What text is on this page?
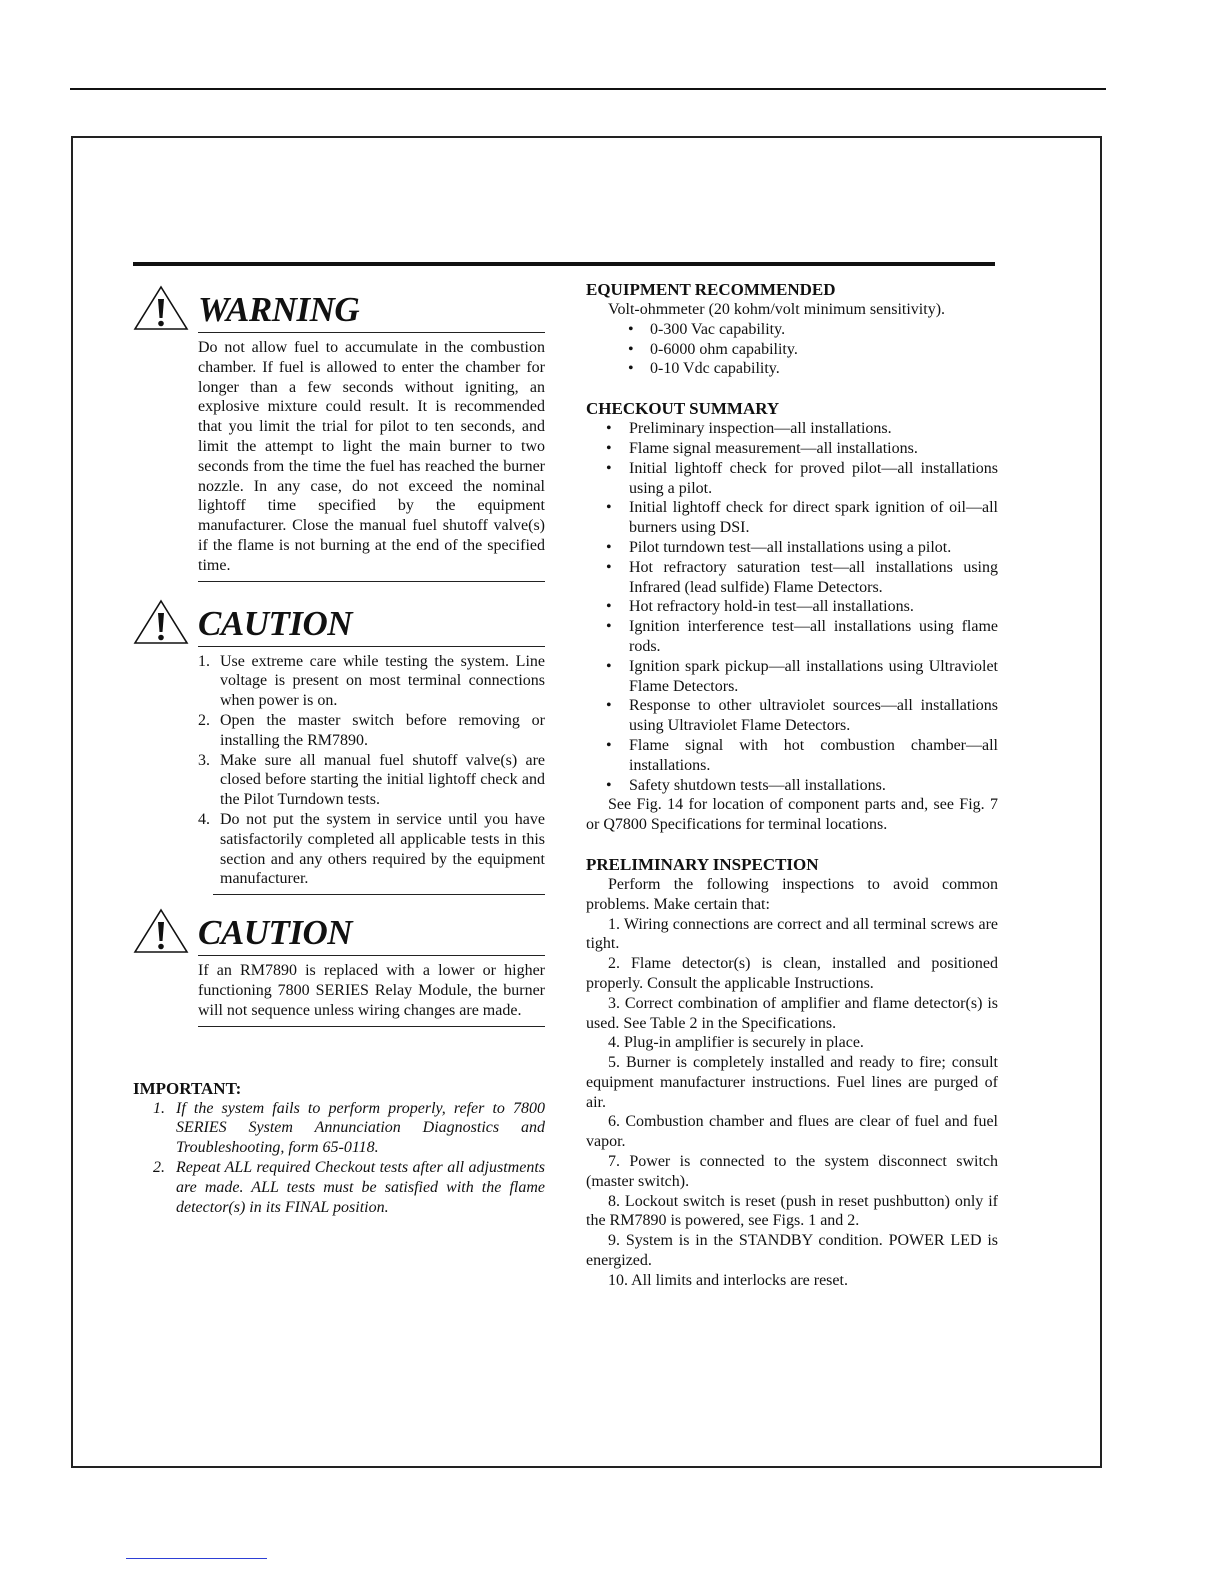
WARNING
Do not allow fuel to accumulate in the combustion chamber. If fuel is allowed to enter the chamber for longer than a few seconds without igniting, an explosive mixture could result. It is recommended that you limit the trial for pilot to ten seconds, and limit the attempt to light the main burner to two seconds from the time the fuel has reached the burner nozzle. In any case, do not exceed the nominal lightoff time specified by the equipment manufacturer. Close the manual fuel shutoff valve(s) if the flame is not burning at the end of the specified time.
CAUTION
1. Use extreme care while testing the system. Line voltage is present on most terminal connections when power is on.
2. Open the master switch before removing or installing the RM7890.
3. Make sure all manual fuel shutoff valve(s) are closed before starting the initial lightoff check and the Pilot Turndown tests.
4. Do not put the system in service until you have satisfactorily completed all applicable tests in this section and any others required by the equipment manufacturer.
CAUTION
If an RM7890 is replaced with a lower or higher functioning 7800 SERIES Relay Module, the burner will not sequence unless wiring changes are made.
IMPORTANT:
1. If the system fails to perform properly, refer to 7800 SERIES System Annunciation Diagnostics and Troubleshooting, form 65-0118.
2. Repeat ALL required Checkout tests after all adjustments are made. ALL tests must be satisfied with the flame detector(s) in its FINAL position.
EQUIPMENT RECOMMENDED
Volt-ohmmeter (20 kohm/volt minimum sensitivity).
• 0-300 Vac capability.
• 0-6000 ohm capability.
• 0-10 Vdc capability.
CHECKOUT SUMMARY
• Preliminary inspection—all installations.
• Flame signal measurement—all installations.
• Initial lightoff check for proved pilot—all installations using a pilot.
• Initial lightoff check for direct spark ignition of oil—all burners using DSI.
• Pilot turndown test—all installations using a pilot.
• Hot refractory saturation test—all installations using Infrared (lead sulfide) Flame Detectors.
• Hot refractory hold-in test—all installations.
• Ignition interference test—all installations using flame rods.
• Ignition spark pickup—all installations using Ultraviolet Flame Detectors.
• Response to other ultraviolet sources—all installations using Ultraviolet Flame Detectors.
• Flame signal with hot combustion chamber—all installations.
• Safety shutdown tests—all installations.
See Fig. 14 for location of component parts and, see Fig. 7 or Q7800 Specifications for terminal locations.
PRELIMINARY INSPECTION
Perform the following inspections to avoid common problems. Make certain that:
1. Wiring connections are correct and all terminal screws are tight.
2. Flame detector(s) is clean, installed and positioned properly. Consult the applicable Instructions.
3. Correct combination of amplifier and flame detector(s) is used. See Table 2 in the Specifications.
4. Plug-in amplifier is securely in place.
5. Burner is completely installed and ready to fire; consult equipment manufacturer instructions. Fuel lines are purged of air.
6. Combustion chamber and flues are clear of fuel and fuel vapor.
7. Power is connected to the system disconnect switch (master switch).
8. Lockout switch is reset (push in reset pushbutton) only if the RM7890 is powered, see Figs. 1 and 2.
9. System is in the STANDBY condition. POWER LED is energized.
10. All limits and interlocks are reset.
